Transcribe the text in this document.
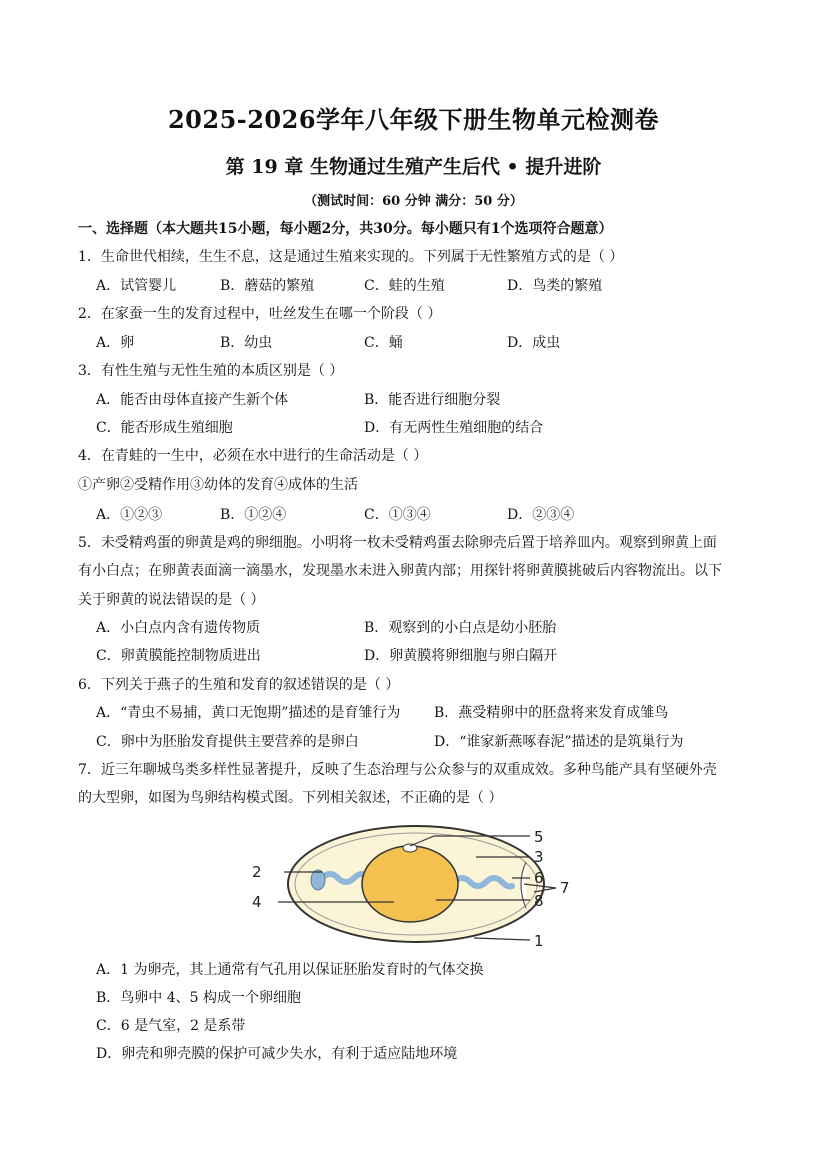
2025-2026学年八年级下册生物单元检测卷
第 19 章 生物通过生殖产生后代 • 提升进阶
（测试时间：60 分钟 满分：50 分）
一、选择题（本大题共15小题，每小题2分，共30分。每小题只有1个选项符合题意）
1．生命世代相续，生生不息，这是通过生殖来实现的。下列属于无性繁殖方式的是（ ）
A．试管婴儿	B．蘑菇的繁殖	C．蛙的生殖	D．鸟类的繁殖
2．在家蚕一生的发育过程中，吐丝发生在哪一个阶段（ ）
A．卵	B．幼虫	C．蛹	D．成虫
3．有性生殖与无性生殖的本质区别是（ ）
A．能否由母体直接产生新个体	B．能否进行细胞分裂
C．能否形成生殖细胞	D．有无两性生殖细胞的结合
4．在青蛙的一生中，必须在水中进行的生命活动是（ ）
①产卵②受精作用③幼体的发育④成体的生活
A．①②③	B．①②④	C．①③④	D．②③④
5．未受精鸡蛋的卵黄是鸡的卵细胞。小明将一枚未受精鸡蛋去除卵壳后置于培养皿内。观察到卵黄上面
有小白点；在卵黄表面滴一滴墨水，发现墨水未进入卵黄内部；用探针将卵黄膜挑破后内容物流出。以下
关于卵黄的说法错误的是（ ）
A．小白点内含有遗传物质	B．观察到的小白点是幼小胚胎
C．卵黄膜能控制物质进出	D．卵黄膜将卵细胞与卵白隔开
6．下列关于燕子的生殖和发育的叙述错误的是（ ）
A．“青虫不易捕，黄口无饱期”描述的是育雏行为 B．燕受精卵中的胚盘将来发育成雏鸟
C．卵中为胚胎发育提供主要营养的是卵白	D．“谁家新燕啄春泥”描述的是筑巢行为
7．近三年聊城鸟类多样性显著提升，反映了生态治理与公众参与的双重成效。多种鸟能产具有坚硬外壳
的大型卵，如图为鸟卵结构模式图。下列相关叙述，不正确的是（ ）
2
4
5
3
6
7
8
1
A．1 为卵壳，其上通常有气孔用以保证胚胎发育时的气体交换
B．鸟卵中 4、5 构成一个卵细胞
C．6 是气室，2 是系带
D．卵壳和卵壳膜的保护可减少失水，有利于适应陆地环境
